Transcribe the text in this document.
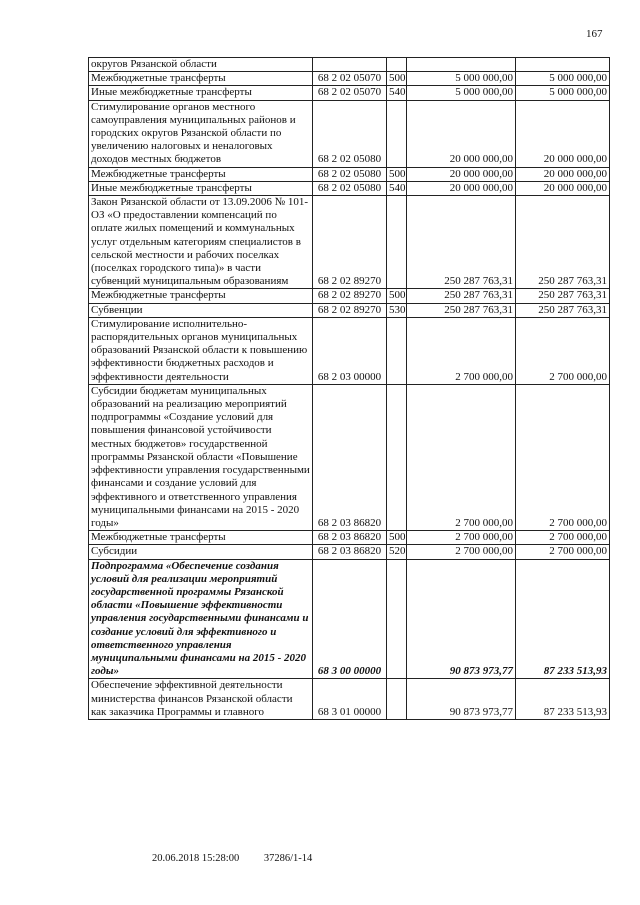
167
округов Рязанской области				
Межбюджетные трансферты	68 2 02 05070	500	5 000 000,00	5 000 000,00
Иные межбюджетные трансферты	68 2 02 05070	540	5 000 000,00	5 000 000,00
Стимулирование органов местного самоуправления муниципальных районов и городских округов Рязанской области по увеличению налоговых и неналоговых доходов местных бюджетов	68 2 02 05080		20 000 000,00	20 000 000,00
Межбюджетные трансферты	68 2 02 05080	500	20 000 000,00	20 000 000,00
Иные межбюджетные трансферты	68 2 02 05080	540	20 000 000,00	20 000 000,00
Закон Рязанской области от 13.09.2006 № 101-ОЗ «О предоставлении компенсаций по оплате жилых помещений и коммунальных услуг отдельным категориям специалистов в сельской местности и рабочих поселках (поселках городского типа)» в части субвенций муниципальным образованиям	68 2 02 89270		250 287 763,31	250 287 763,31
Межбюджетные трансферты	68 2 02 89270	500	250 287 763,31	250 287 763,31
Субвенции	68 2 02 89270	530	250 287 763,31	250 287 763,31
Стимулирование исполнительно-распорядительных органов муниципальных образований Рязанской области к повышению эффективности бюджетных расходов и эффективности деятельности	68 2 03 00000		2 700 000,00	2 700 000,00
Субсидии бюджетам муниципальных образований на реализацию мероприятий подпрограммы «Создание условий для повышения финансовой устойчивости местных бюджетов» государственной программы Рязанской области «Повышение эффективности управления государственными финансами и создание условий для эффективного и ответственного управления муниципальными финансами на 2015 - 2020 годы»	68 2 03 86820		2 700 000,00	2 700 000,00
Межбюджетные трансферты	68 2 03 86820	500	2 700 000,00	2 700 000,00
Субсидии	68 2 03 86820	520	2 700 000,00	2 700 000,00
Подпрограмма «Обеспечение создания условий для реализации мероприятий государственной программы Рязанской области «Повышение эффективности управления государственными финансами и создание условий для эффективного и ответственного управления муниципальными финансами на 2015 - 2020 годы»	68 3 00 00000		90 873 973,77	87 233 513,93
Обеспечение эффективной деятельности министерства финансов Рязанской области как заказчика Программы и главного	68 3 01 00000		90 873 973,77	87 233 513,93
20.06.2018 15:28:00 37286/1-14
